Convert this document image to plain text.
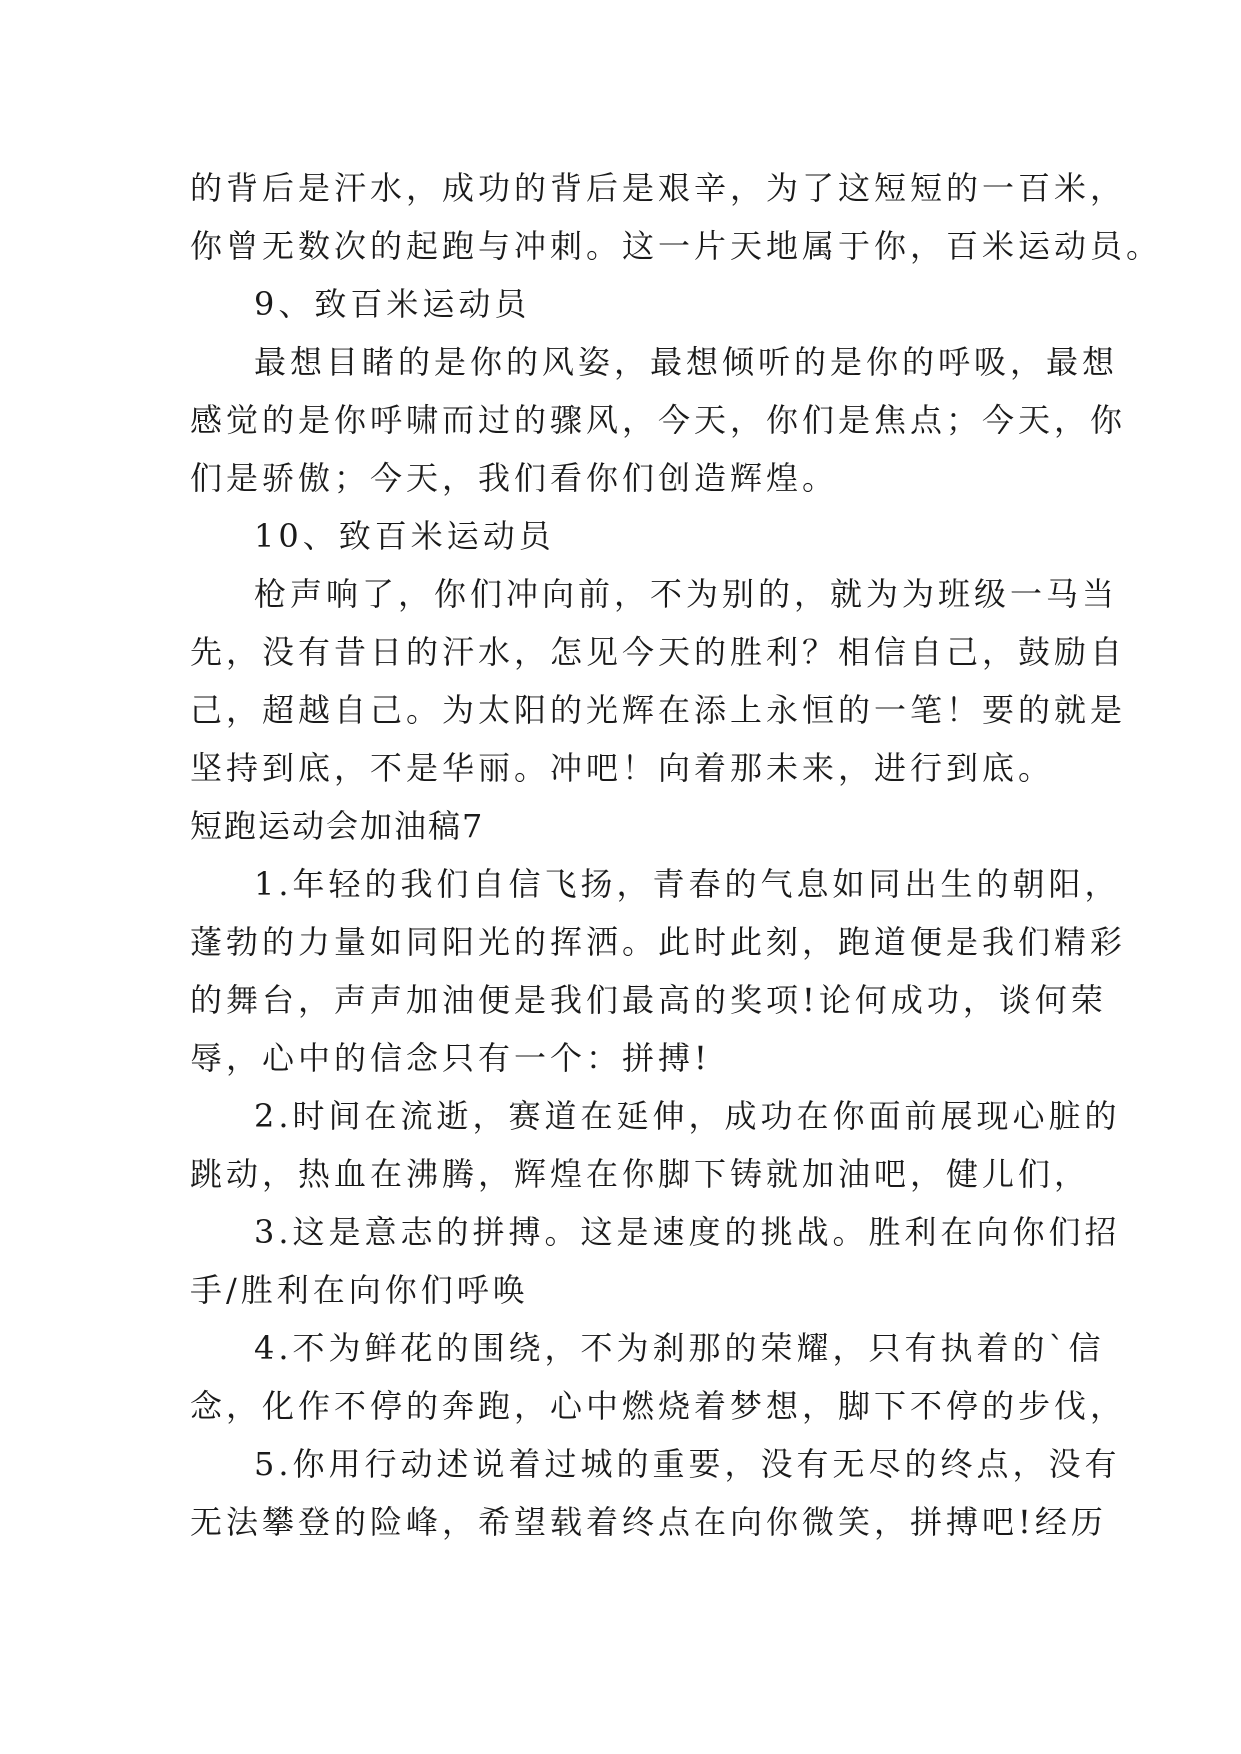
的背后是汗水，成功的背后是艰辛，为了这短短的一百米，
你曾无数次的起跑与冲刺。这一片天地属于你，百米运动员。
9、致百米运动员
最想目睹的是你的风姿，最想倾听的是你的呼吸，最想
感觉的是你呼啸而过的骤风，今天，你们是焦点；今天，你
们是骄傲；今天，我们看你们创造辉煌。
10、致百米运动员
枪声响了，你们冲向前，不为别的，就为为班级一马当
先，没有昔日的汗水，怎见今天的胜利？相信自己，鼓励自
己，超越自己。为太阳的光辉在添上永恒的一笔！要的就是
坚持到底，不是华丽。冲吧！向着那未来，进行到底。
短跑运动会加油稿7
1.年轻的我们自信飞扬，青春的气息如同出生的朝阳，
蓬勃的力量如同阳光的挥洒。此时此刻，跑道便是我们精彩
的舞台，声声加油便是我们最高的奖项!论何成功，谈何荣
辱，心中的信念只有一个：拼搏!
2.时间在流逝，赛道在延伸，成功在你面前展现心脏的
跳动，热血在沸腾，辉煌在你脚下铸就加油吧，健儿们，
3.这是意志的拼搏。这是速度的挑战。胜利在向你们招
手/胜利在向你们呼唤
4.不为鲜花的围绕，不为刹那的荣耀，只有执着的`信
念，化作不停的奔跑，心中燃烧着梦想，脚下不停的步伐，
5.你用行动述说着过城的重要，没有无尽的终点，没有
无法攀登的险峰，希望载着终点在向你微笑，拼搏吧!经历
